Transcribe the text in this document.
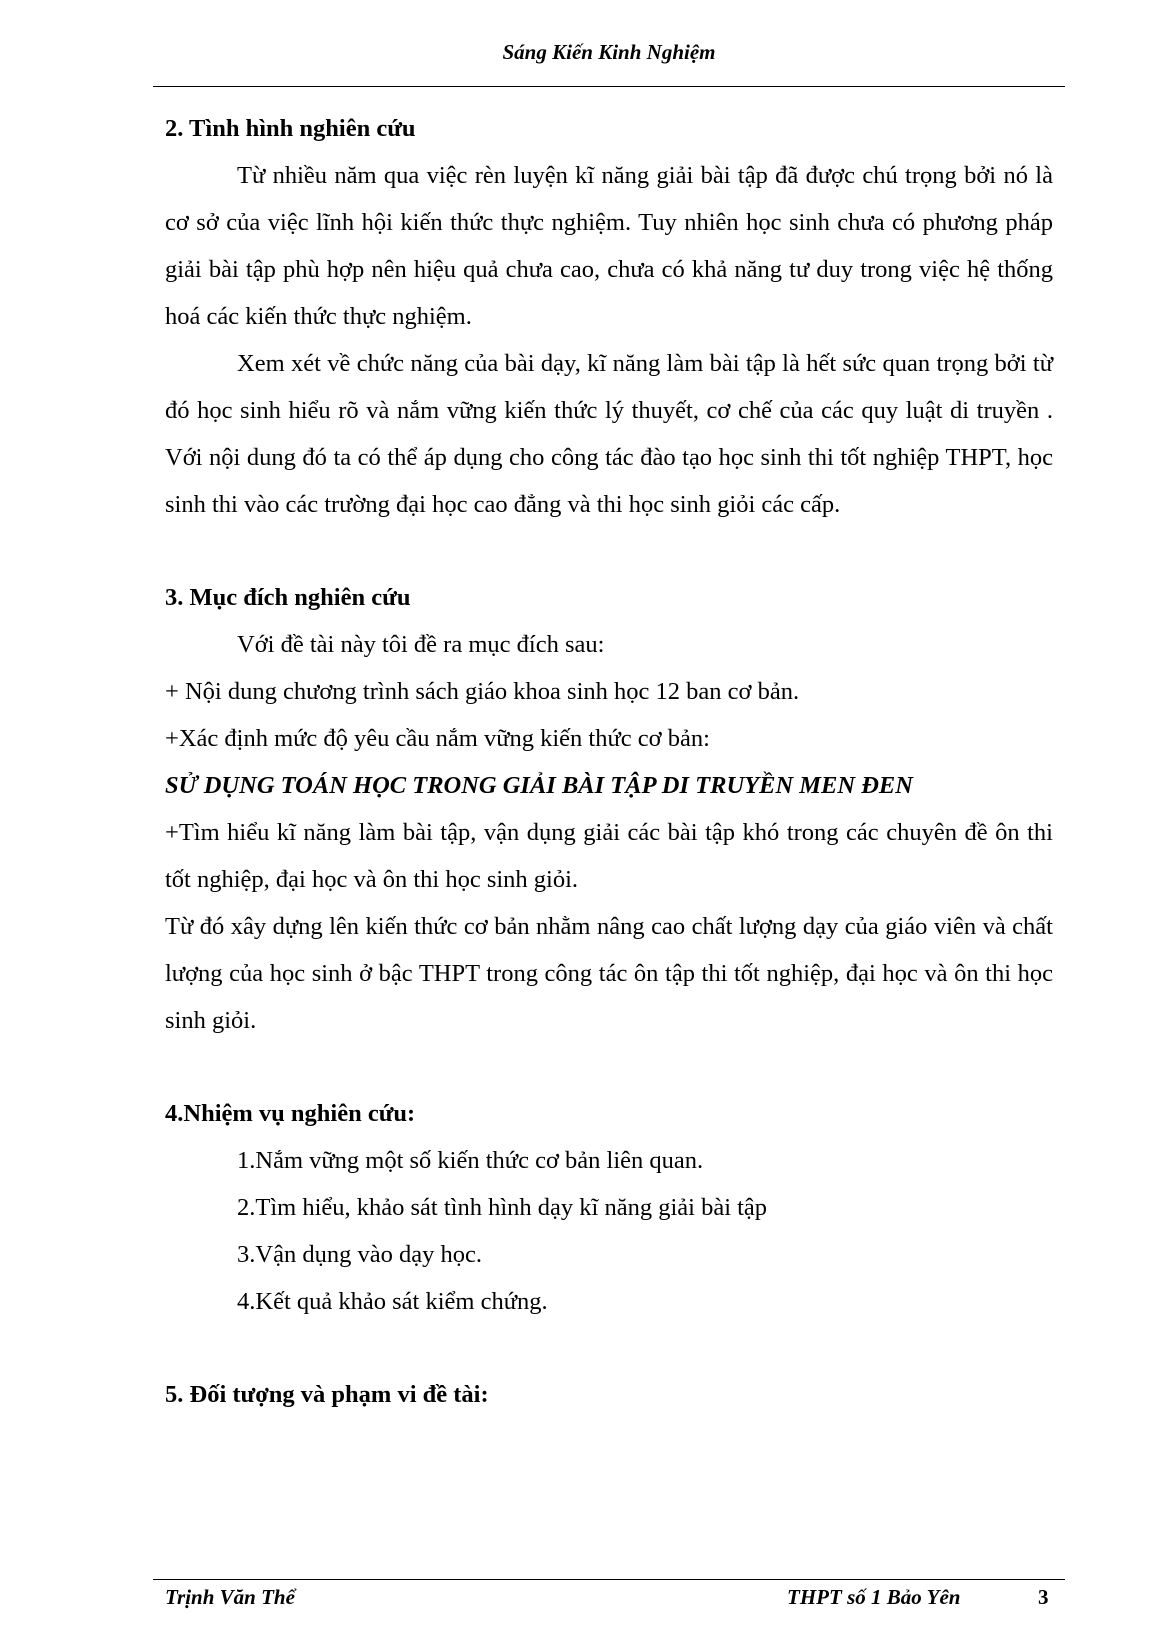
Sáng Kiến Kinh Nghiệm

2. Tình hình nghiên cứu

Từ nhiều năm qua việc rèn luyện kĩ năng giải bài tập đã được chú trọng bởi nó là cơ sở của việc lĩnh hội kiến thức thực nghiệm. Tuy nhiên học sinh chưa có phương pháp giải bài tập phù hợp nên hiệu quả chưa cao, chưa có khả năng tư duy trong việc hệ thống hoá các kiến thức thực nghiệm.

Xem xét về chức năng của bài dạy, kĩ năng làm bài tập là hết sức quan trọng bởi từ đó học sinh hiểu rõ và nắm vững kiến thức lý thuyết, cơ chế của các quy luật di truyền . Với nội dung đó ta có thể áp dụng cho công tác đào tạo học sinh thi tốt nghiệp THPT, học sinh thi vào các trường đại học cao đẳng và thi học sinh giỏi các cấp.

3. Mục đích nghiên cứu

Với đề tài này tôi đề ra mục đích sau:

+ Nội dung chương trình sách giáo khoa sinh học 12 ban cơ bản.

+Xác định mức độ yêu cầu nắm vững kiến thức cơ bản:

SỬ DỤNG TOÁN HỌC TRONG GIẢI BÀI TẬP DI TRUYỀN MEN ĐEN

+Tìm hiểu kĩ năng làm bài tập, vận dụng giải các bài tập khó trong các chuyên đề ôn thi tốt nghiệp, đại học và ôn thi học sinh giỏi.

Từ đó xây dựng lên kiến thức cơ bản nhằm nâng cao chất lượng dạy của giáo viên và chất lượng của học sinh ở bậc THPT trong công tác ôn tập thi tốt nghiệp, đại học và ôn thi học sinh giỏi.

4.Nhiệm vụ nghiên cứu:

1.Nắm vững một số kiến thức cơ bản liên quan.

2.Tìm hiểu, khảo sát tình hình dạy kĩ năng giải bài tập

3.Vận dụng vào dạy học.

4.Kết quả khảo sát kiểm chứng.

5. Đối tượng và phạm vi đề tài:

Trịnh Văn Thể	THPT số 1 Bảo Yên	3
